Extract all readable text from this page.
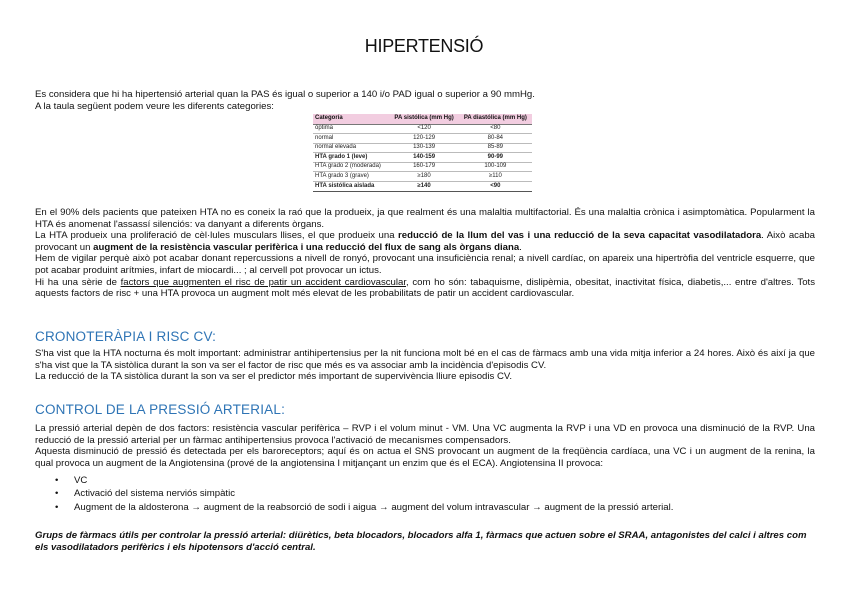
HIPERTENSIÓ
Es considera que hi ha hipertensió arterial quan la PAS és igual o superior a 140 i/o PAD igual o superior a 90 mmHg.
A la taula següent podem veure les diferents categories:
Categoría	PA sistólica (mm Hg)	PA diastólica (mm Hg)
óptima	<120	<80
normal	120-129	80-84
normal elevada	130-139	85-89
HTA grado 1 (leve)	140-159	90-99
HTA grado 2 (moderada)	160-179	100-109
HTA grado 3 (grave)	≥180	≥110
HTA sistólica aislada	≥140	<90
En el 90% dels pacients que pateixen HTA no es coneix la raó que la produeix, ja que realment és una malaltia multifactorial. És una malaltia crònica i asimptomàtica. Popularment la HTA és anomenat l'assassí silenciós: va danyant a diferents òrgans.
La HTA produeix una proliferació de cèl·lules musculars llises, el que produeix una reducció de la llum del vas i una reducció de la seva capacitat vasodilatadora. Això acaba provocant un augment de la resistència vascular perifèrica i una reducció del flux de sang als òrgans diana.
Hem de vigilar perquè això pot acabar donant repercussions a nivell de ronyó, provocant una insuficiència renal; a nivell cardíac, on apareix una hipertròfia del ventricle esquerre, que pot acabar produint arítmies, infart de miocardi... ; al cervell pot provocar un ictus.
Hi ha una sèrie de factors que augmenten el risc de patir un accident cardiovascular, com ho són: tabaquisme, dislipèmia, obesitat, inactivitat física, diabetis,... entre d'altres. Tots aquests factors de risc + una HTA provoca un augment molt més elevat de les probabilitats de patir un accident cardiovascular.
CRONOTERÀPIA I RISC CV:
S'ha vist que la HTA nocturna és molt important: administrar antihipertensius per la nit funciona molt bé en el cas de fàrmacs amb una vida mitja inferior a 24 hores. Això és així ja que s'ha vist que la TA sistòlica durant la son va ser el factor de risc que més es va associar amb la incidència d'episodis CV.
La reducció de la TA sistòlica durant la son va ser el predictor més important de supervivència lliure episodis CV.
CONTROL DE LA PRESSIÓ ARTERIAL:
La pressió arterial depèn de dos factors: resistència vascular perifèrica – RVP i el volum minut - VM. Una VC augmenta la RVP i una VD en provoca una disminució de la RVP. Una reducció de la pressió arterial per un fàrmac antihipertensius provoca l'activació de mecanismes compensadors.
Aquesta disminució de pressió és detectada per els baroreceptors; aquí és on actua el SNS provocant un augment de la freqüència cardíaca, una VC i un augment de la renina, la qual provoca un augment de la Angiotensina (prové de la angiotensina I mitjançant un enzim que és el ECA). Angiotensina II provoca:
• VC
• Activació del sistema nerviós simpàtic
• Augment de la aldosterona → augment de la reabsorció de sodi i aigua → augment del volum intravascular → augment de la pressió arterial.
Grups de fàrmacs útils per controlar la pressió arterial: diürètics, beta blocadors, blocadors alfa 1, fàrmacs que actuen sobre el SRAA, antagonistes del calci i altres com els vasodilatadors perifèrics i els hipotensors d'acció central.
